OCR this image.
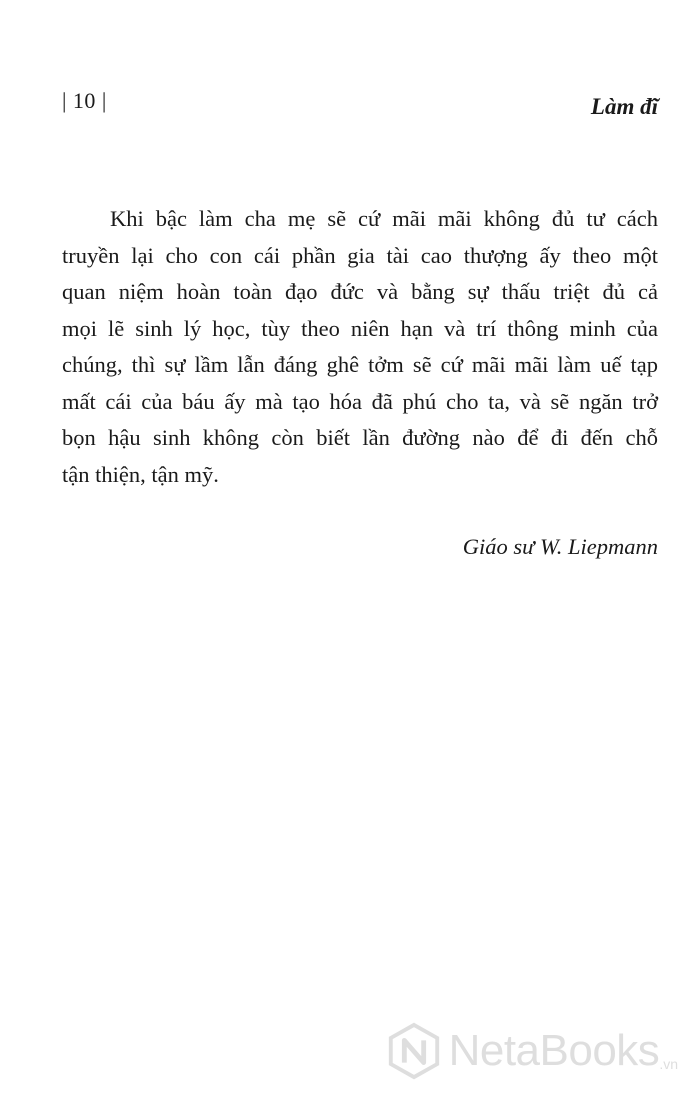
| 10 |	Làm đĩ

Khi bậc làm cha mẹ sẽ cứ mãi mãi không đủ tư cách
truyền lại cho con cái phần gia tài cao thượng ấy theo một
quan niệm hoàn toàn đạo đức và bằng sự thấu triệt đủ cả
mọi lẽ sinh lý học, tùy theo niên hạn và trí thông minh của
chúng, thì sự lầm lẫn đáng ghê tởm sẽ cứ mãi mãi làm uế tạp
mất cái của báu ấy mà tạo hóa đã phú cho ta, và sẽ ngăn trở
bọn hậu sinh không còn biết lần đường nào để đi đến chỗ
tận thiện, tận mỹ.

Giáo sư W. Liepmann
NetaBooks .vn
